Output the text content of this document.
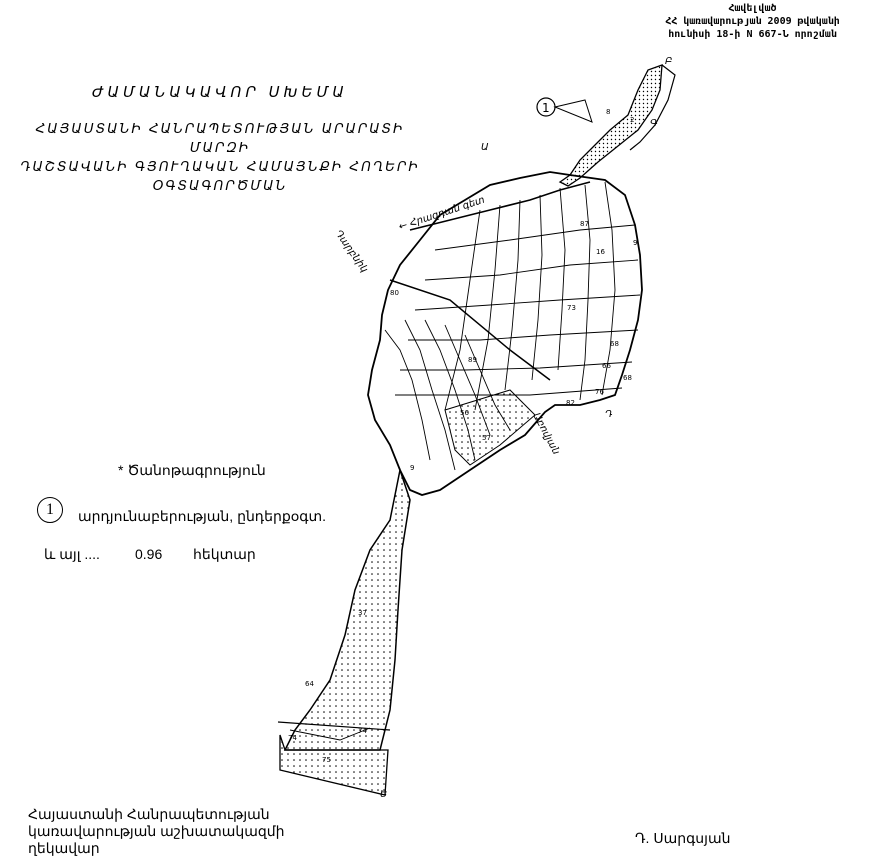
Հավելված
ՀՀ կառավարության 2009 թվականի
հունիսի 18-ի N 667-Ն որոշման
ԺԱՄԱՆԱԿԱՎՈՐ ՍԽԵՄԱ
ՀԱՅԱՍՏԱՆԻ ՀԱՆՐԱՊԵՏՈՒԹՅԱՆ ԱՐԱՐԱՏԻ ՄԱՐԶԻ
ԴԱՇՏԱՎԱՆԻ ԳՅՈՒՂԱԿԱՆ ՀԱՄԱՅՆՔԻ ՀՈՂԵՐԻ
ՕԳՏԱԳՈՐԾՄԱՆ
1
← Հրազդան գետ
Դարբնիկ
Աբովյան
Բ
Գ
Ա
Դ
Ե
8
2
87
80
73
66
89
56
57
9
64
74
75
74
82
37
16
68
76
9
68
* Ծանոթագրություն
1	արդյունաբերության, ընդերքօգտ.
և այլ ....	0.96 հեկտար
Հայաստանի Հանրապետության
կառավարության աշխատակազմի
ղեկավար
Դ. Սարգսյան
